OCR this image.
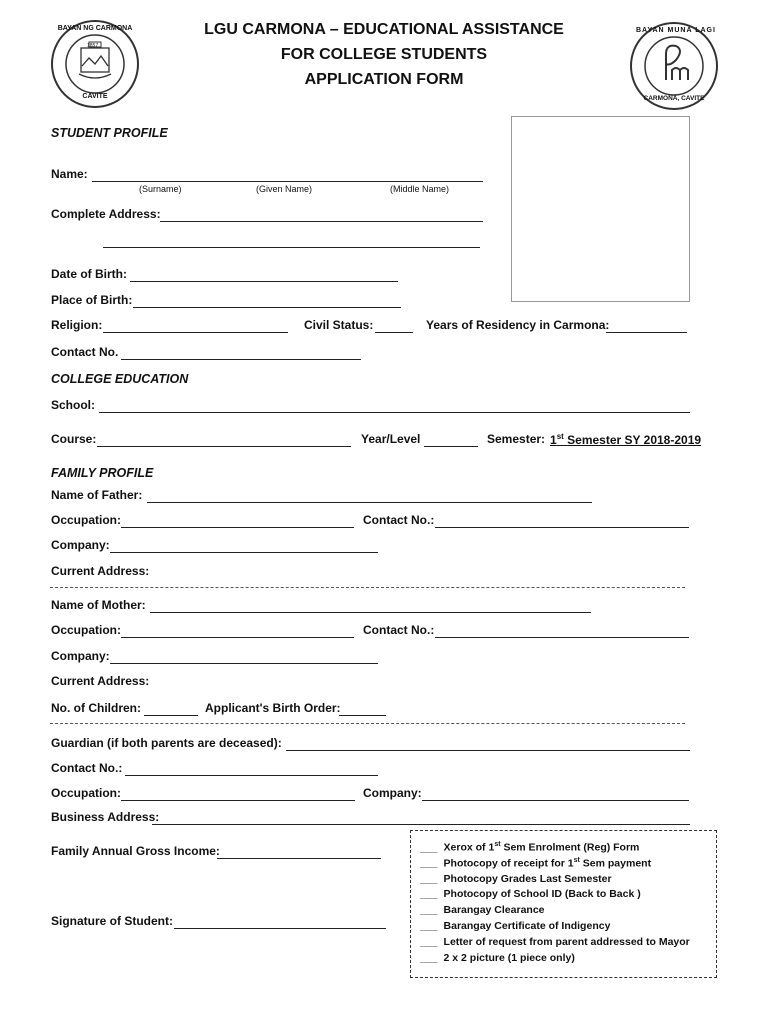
BAYAN NG CARMONA
1857
CAVITE
LGU CARMONA – EDUCATIONAL ASSISTANCE
FOR COLLEGE STUDENTS
APPLICATION FORM
BAYAN MUNA LAGI
CARMONA, CAVITE
STUDENT PROFILE
Name:
(Surname)	(Given Name)	(Middle Name)
Complete Address:
Date of Birth:
Place of Birth:
Religion:	Civil Status:	Years of Residency in Carmona:
Contact No.
COLLEGE EDUCATION
School:
Course:	Year/Level	Semester: 1st Semester SY 2018-2019
FAMILY PROFILE
Name of Father:
Occupation:	Contact No.:
Company:
Current Address:
Name of Mother:
Occupation:	Contact No.:
Company:
Current Address:
No. of Children:	Applicant's Birth Order:
Guardian (if both parents are deceased):
Contact No.:
Occupation:	Company:
Business Address:
Family Annual Gross Income:
Signature of Student:
___ Xerox of 1st Sem Enrolment (Reg) Form
___ Photocopy of receipt for 1st Sem payment
___ Photocopy Grades Last Semester
___ Photocopy of School ID (Back to Back )
___ Barangay Clearance
___ Barangay Certificate of Indigency
___ Letter of request from parent addressed to Mayor
___ 2 x 2 picture (1 piece only)
